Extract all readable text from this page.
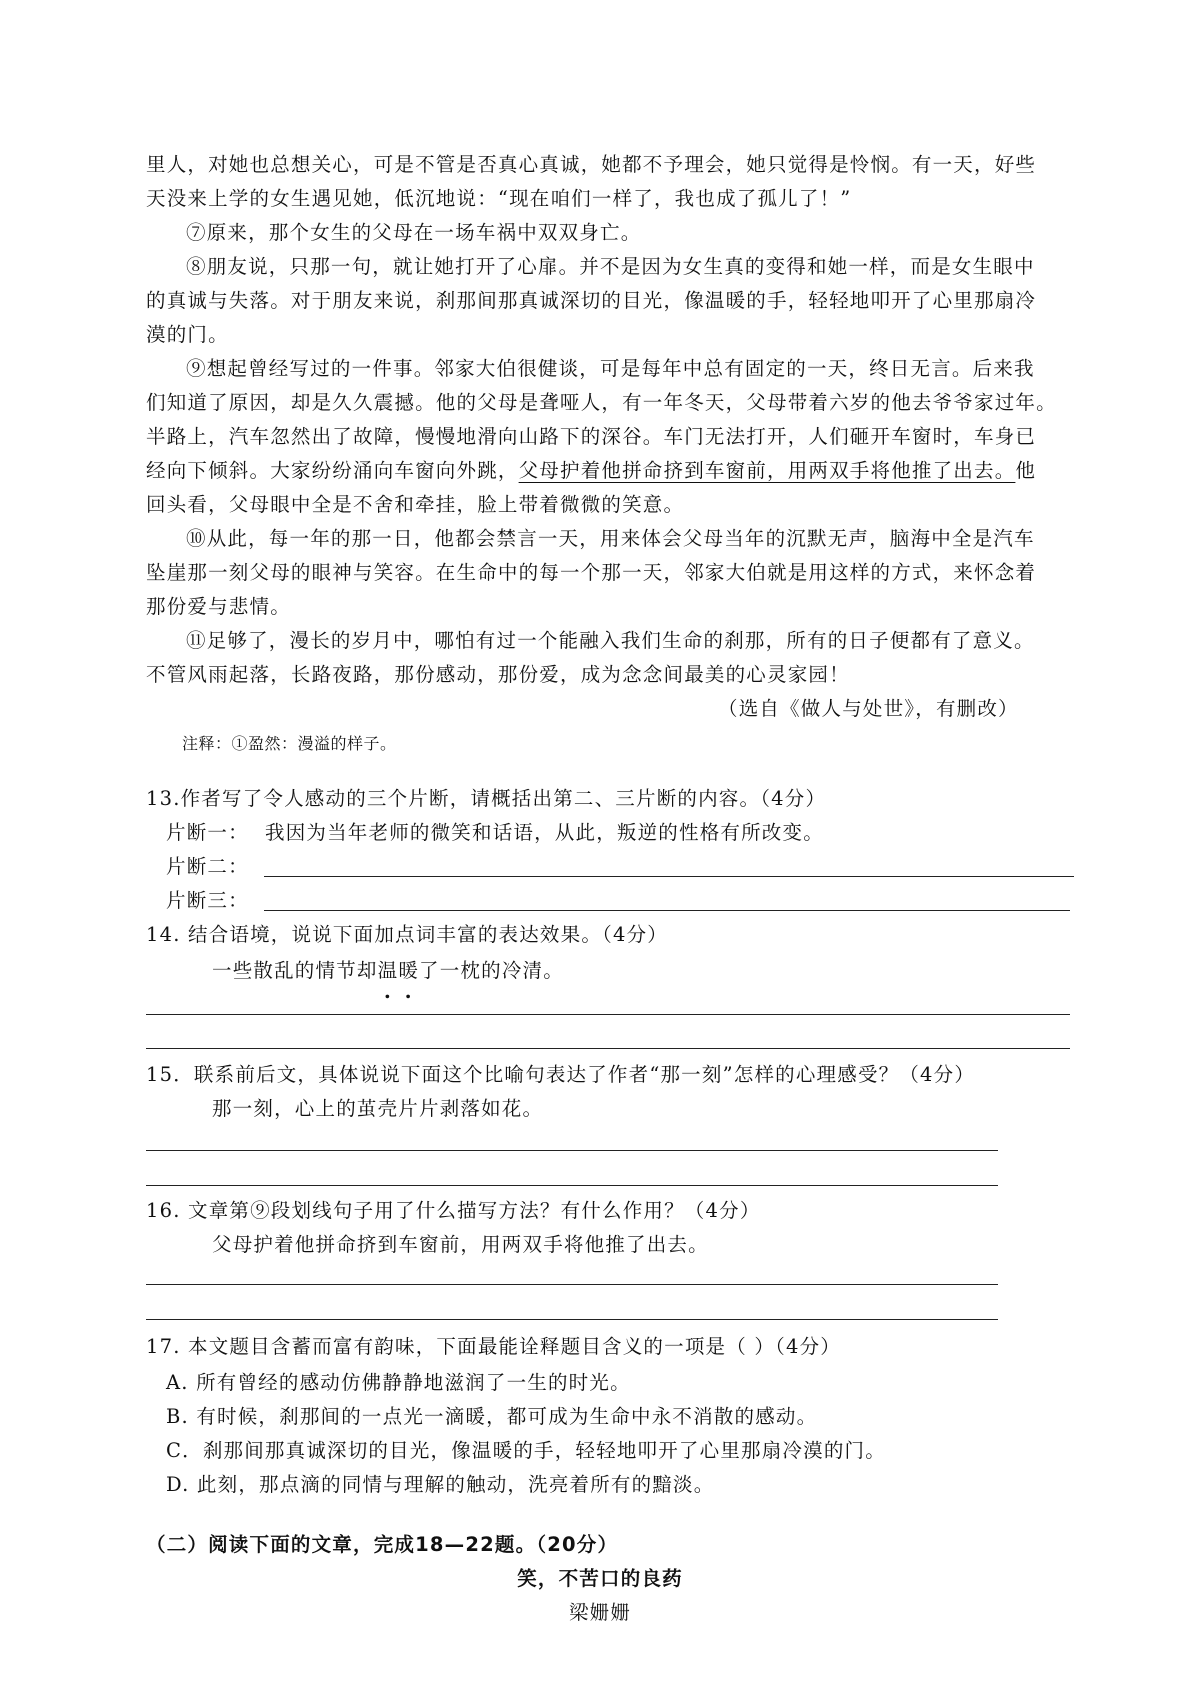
里人，对她也总想关心，可是不管是否真心真诚，她都不予理会，她只觉得是怜悯。有一天，好些
天没来上学的女生遇见她，低沉地说：“现在咱们一样了，我也成了孤儿了！”
⑦原来，那个女生的父母在一场车祸中双双身亡。
⑧朋友说，只那一句，就让她打开了心扉。并不是因为女生真的变得和她一样，而是女生眼中
的真诚与失落。对于朋友来说，刹那间那真诚深切的目光，像温暖的手，轻轻地叩开了心里那扇冷
漠的门。
⑨想起曾经写过的一件事。邻家大伯很健谈，可是每年中总有固定的一天，终日无言。后来我
们知道了原因，却是久久震撼。他的父母是聋哑人，有一年冬天，父母带着六岁的他去爷爷家过年。
半路上，汽车忽然出了故障，慢慢地滑向山路下的深谷。车门无法打开，人们砸开车窗时，车身已
经向下倾斜。大家纷纷涌向车窗向外跳，父母护着他拼命挤到车窗前，用两双手将他推了出去。他
回头看，父母眼中全是不舍和牵挂，脸上带着微微的笑意。
⑩从此，每一年的那一日，他都会禁言一天，用来体会父母当年的沉默无声，脑海中全是汽车
坠崖那一刻父母的眼神与笑容。在生命中的每一个那一天，邻家大伯就是用这样的方式，来怀念着
那份爱与悲情。
⑪足够了，漫长的岁月中，哪怕有过一个能融入我们生命的刹那，所有的日子便都有了意义。
不管风雨起落，长路夜路，那份感动，那份爱，成为念念间最美的心灵家园！
（选自《做人与处世》，有删改）
注释：①盈然：漫溢的样子。
13.作者写了令人感动的三个片断，请概括出第二、三片断的内容。（4分）
片断一： 我因为当年老师的微笑和话语，从此，叛逆的性格有所改变。
片断二：
片断三：
14. 结合语境，说说下面加点词丰富的表达效果。（4分）
一些散乱的情节却温暖了一枕的冷清。
15．联系前后文，具体说说下面这个比喻句表达了作者“那一刻”怎样的心理感受？（4分）
那一刻，心上的茧壳片片剥落如花。
16. 文章第⑨段划线句子用了什么描写方法？有什么作用？（4分）
父母护着他拼命挤到车窗前，用两双手将他推了出去。
17. 本文题目含蓄而富有韵味，下面最能诠释题目含义的一项是（ ）（4分）
A. 所有曾经的感动仿佛静静地滋润了一生的时光。
B. 有时候，刹那间的一点光一滴暖，都可成为生命中永不消散的感动。
C．刹那间那真诚深切的目光，像温暖的手，轻轻地叩开了心里那扇冷漠的门。
D. 此刻，那点滴的同情与理解的触动，洗亮着所有的黯淡。
（二）阅读下面的文章，完成18—22题。（20分）
笑，不苦口的良药
梁姗姗
